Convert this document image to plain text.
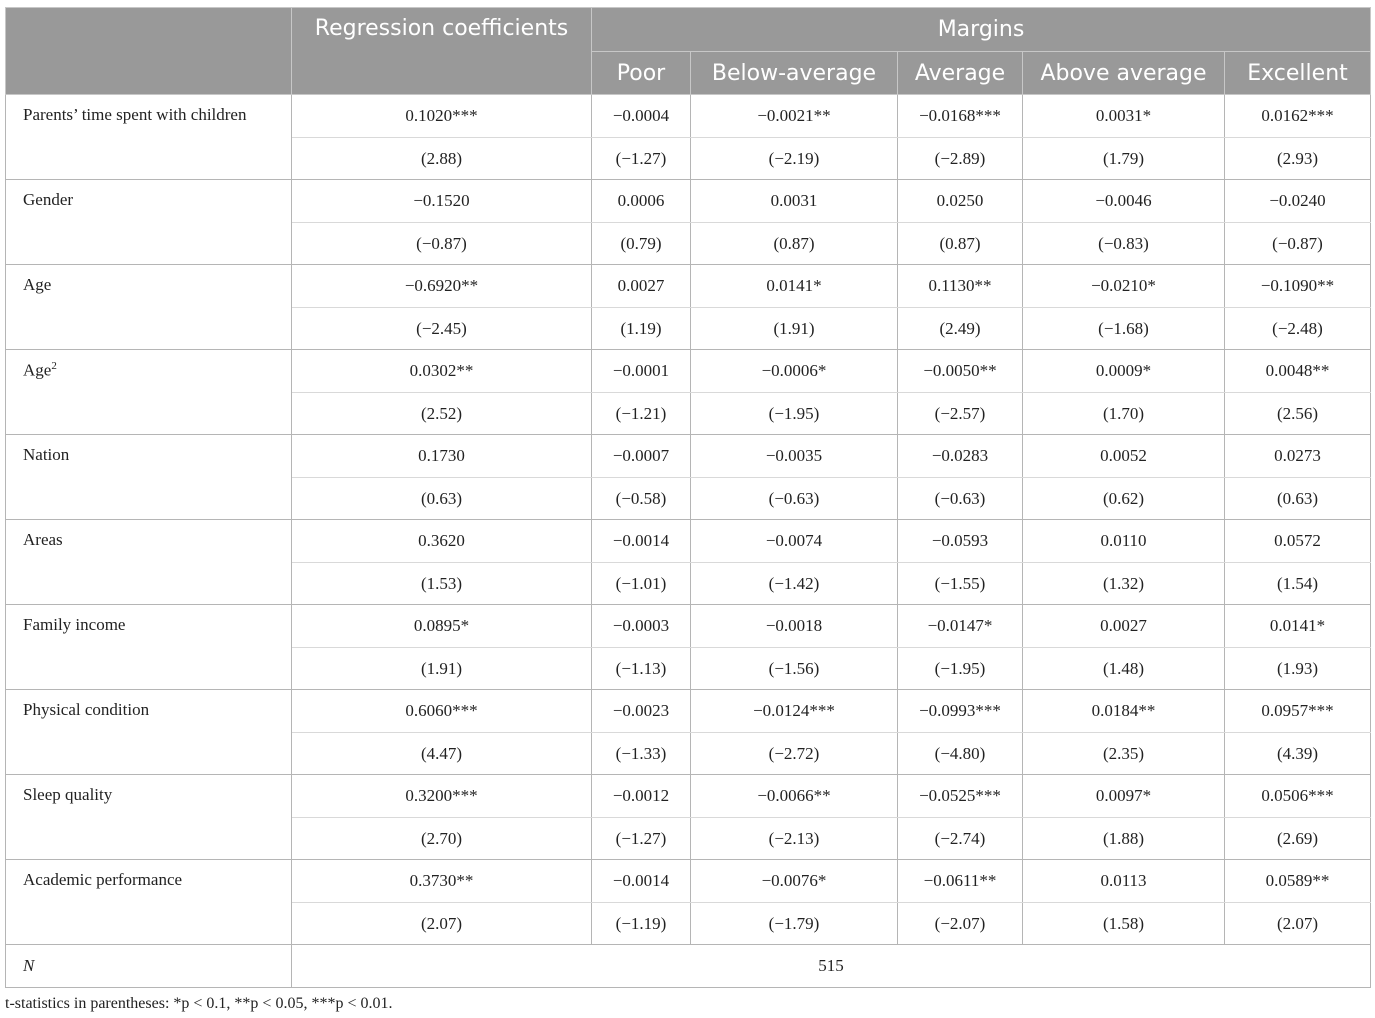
	Regression coefficients	Margins				
		Poor	Below-average	Average	Above average	Excellent
Parents’ time spent with children	0.1020***	−0.0004	−0.0021**	−0.0168***	0.0031*	0.0162***
	(2.88)	(−1.27)	(−2.19)	(−2.89)	(1.79)	(2.93)
Gender	−0.1520	0.0006	0.0031	0.0250	−0.0046	−0.0240
	(−0.87)	(0.79)	(0.87)	(0.87)	(−0.83)	(−0.87)
Age	−0.6920**	0.0027	0.0141*	0.1130**	−0.0210*	−0.1090**
	(−2.45)	(1.19)	(1.91)	(2.49)	(−1.68)	(−2.48)
Age$^2$	0.0302**	−0.0001	−0.0006*	−0.0050**	0.0009*	0.0048**
	(2.52)	(−1.21)	(−1.95)	(−2.57)	(1.70)	(2.56)
Nation	0.1730	−0.0007	−0.0035	−0.0283	0.0052	0.0273
	(0.63)	(−0.58)	(−0.63)	(−0.63)	(0.62)	(0.63)
Areas	0.3620	−0.0014	−0.0074	−0.0593	0.0110	0.0572
	(1.53)	(−1.01)	(−1.42)	(−1.55)	(1.32)	(1.54)
Family income	0.0895*	−0.0003	−0.0018	−0.0147*	0.0027	0.0141*
	(1.91)	(−1.13)	(−1.56)	(−1.95)	(1.48)	(1.93)
Physical condition	0.6060***	−0.0023	−0.0124***	−0.0993***	0.0184**	0.0957***
	(4.47)	(−1.33)	(−2.72)	(−4.80)	(2.35)	(4.39)
Sleep quality	0.3200***	−0.0012	−0.0066**	−0.0525***	0.0097*	0.0506***
	(2.70)	(−1.27)	(−2.13)	(−2.74)	(1.88)	(2.69)
Academic performance	0.3730**	−0.0014	−0.0076*	−0.0611**	0.0113	0.0589**
	(2.07)	(−1.19)	(−1.79)	(−2.07)	(1.58)	(2.07)
N	515					
t-statistics in parentheses: *p < 0.1, **p < 0.05, ***p < 0.01.
